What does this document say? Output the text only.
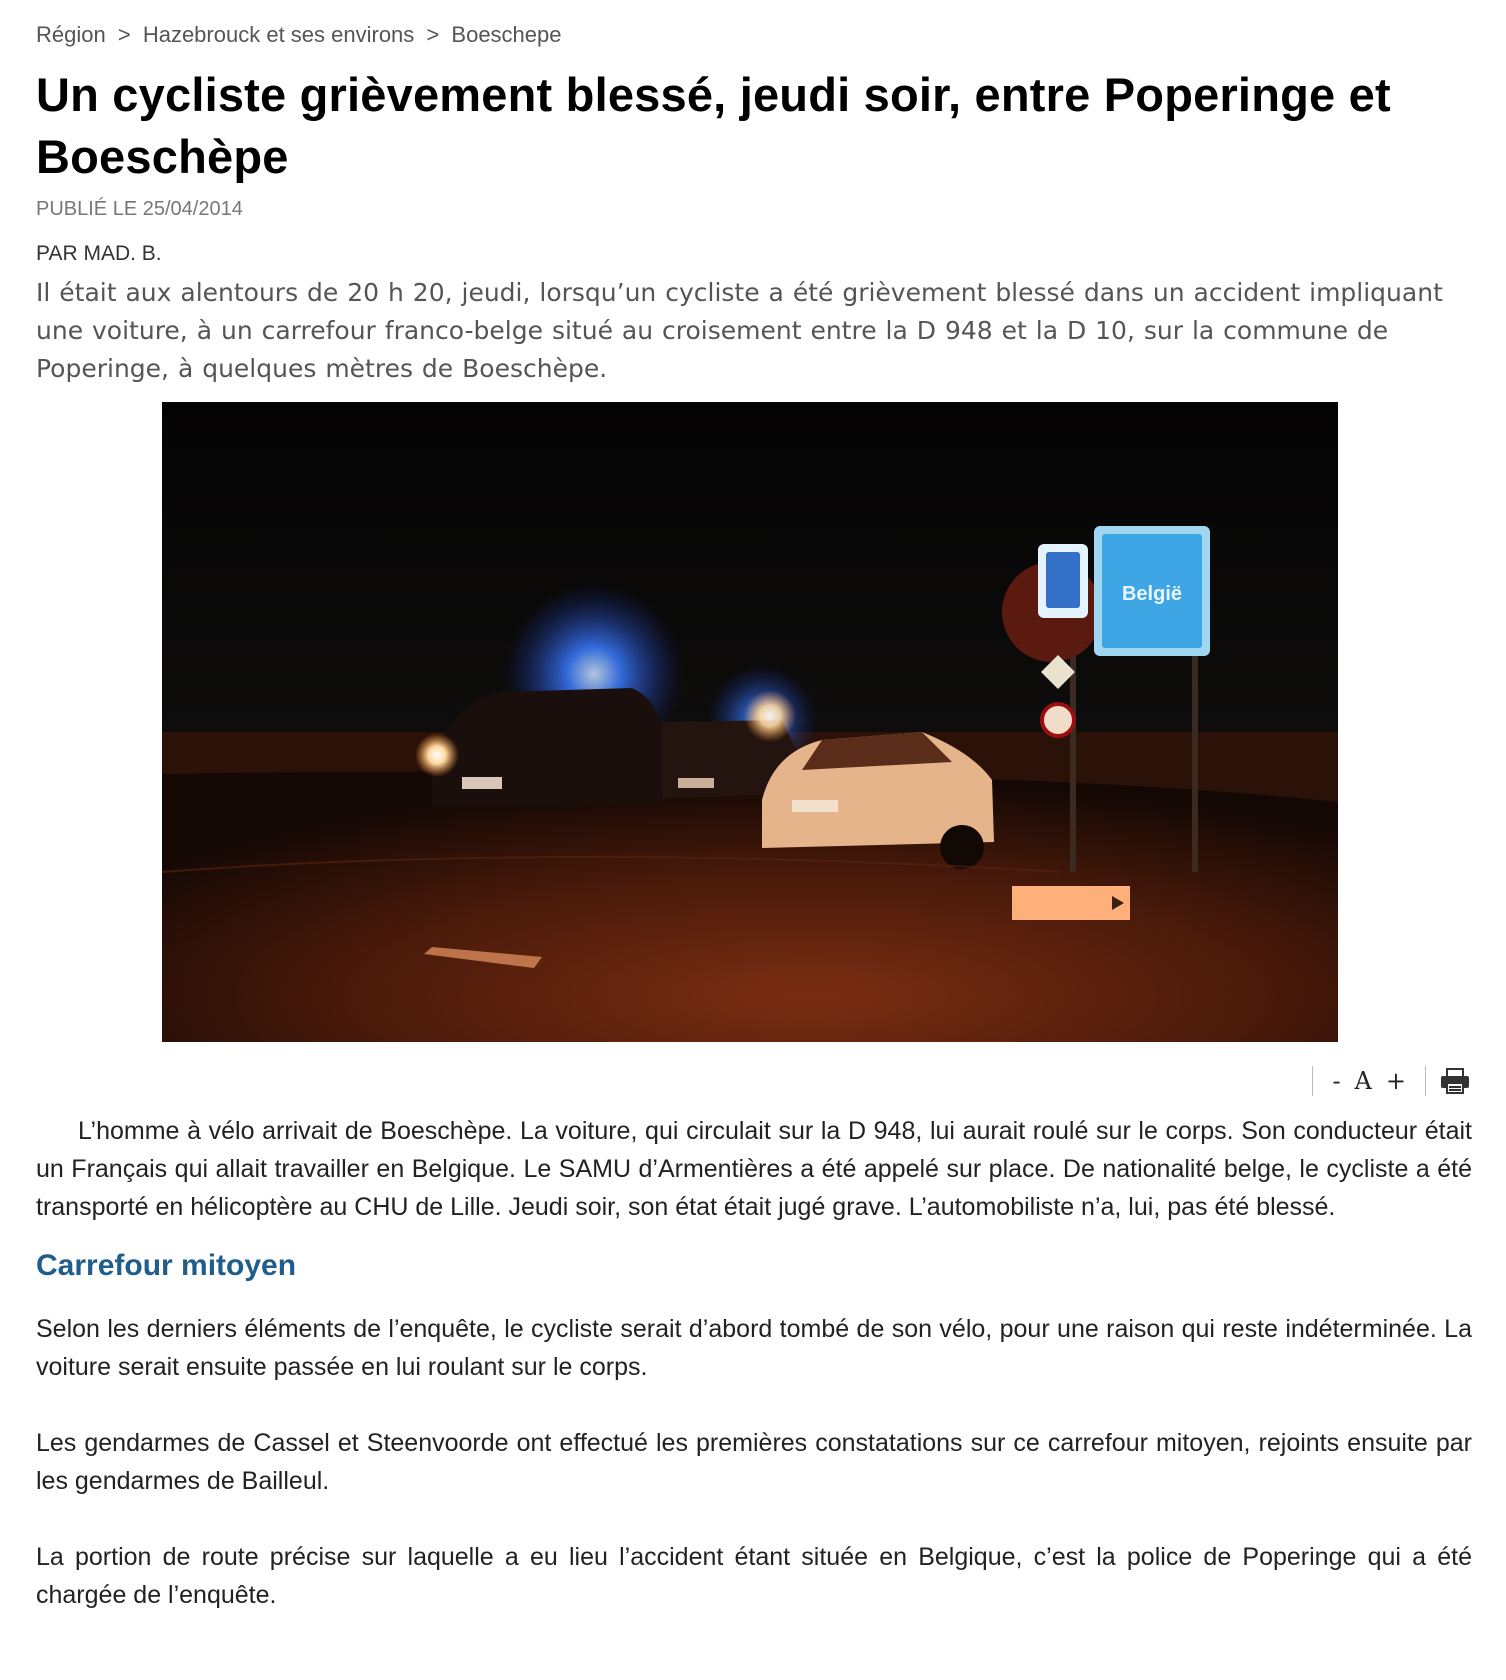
Région > Hazebrouck et ses environs > Boeschepe
Un cycliste grièvement blessé, jeudi soir, entre Poperinge et Boeschèpe
PUBLIÉ LE 25/04/2014
PAR MAD. B.
Il était aux alentours de 20 h 20, jeudi, lorsqu’un cycliste a été grièvement blessé dans un accident impliquant une voiture, à un carrefour franco-belge situé au croisement entre la D 948 et la D 10, sur la commune de Poperinge, à quelques mètres de Boeschèpe.
België
- A +

L’homme à vélo arrivait de Boeschèpe. La voiture, qui circulait sur la D 948, lui aurait roulé sur le corps. Son conducteur était un Français qui allait travailler en Belgique. Le SAMU d’Armentières a été appelé sur place. De nationalité belge, le cycliste a été transporté en hélicoptère au CHU de Lille. Jeudi soir, son état était jugé grave. L’automobiliste n’a, lui, pas été blessé.

Carrefour mitoyen

Selon les derniers éléments de l’enquête, le cycliste serait d’abord tombé de son vélo, pour une raison qui reste indéterminée. La voiture serait ensuite passée en lui roulant sur le corps.

Les gendarmes de Cassel et Steenvoorde ont effectué les premières constatations sur ce carrefour mitoyen, rejoints ensuite par les gendarmes de Bailleul.

La portion de route précise sur laquelle a eu lieu l’accident étant située en Belgique, c’est la police de Poperinge qui a été chargée de l’enquête.
